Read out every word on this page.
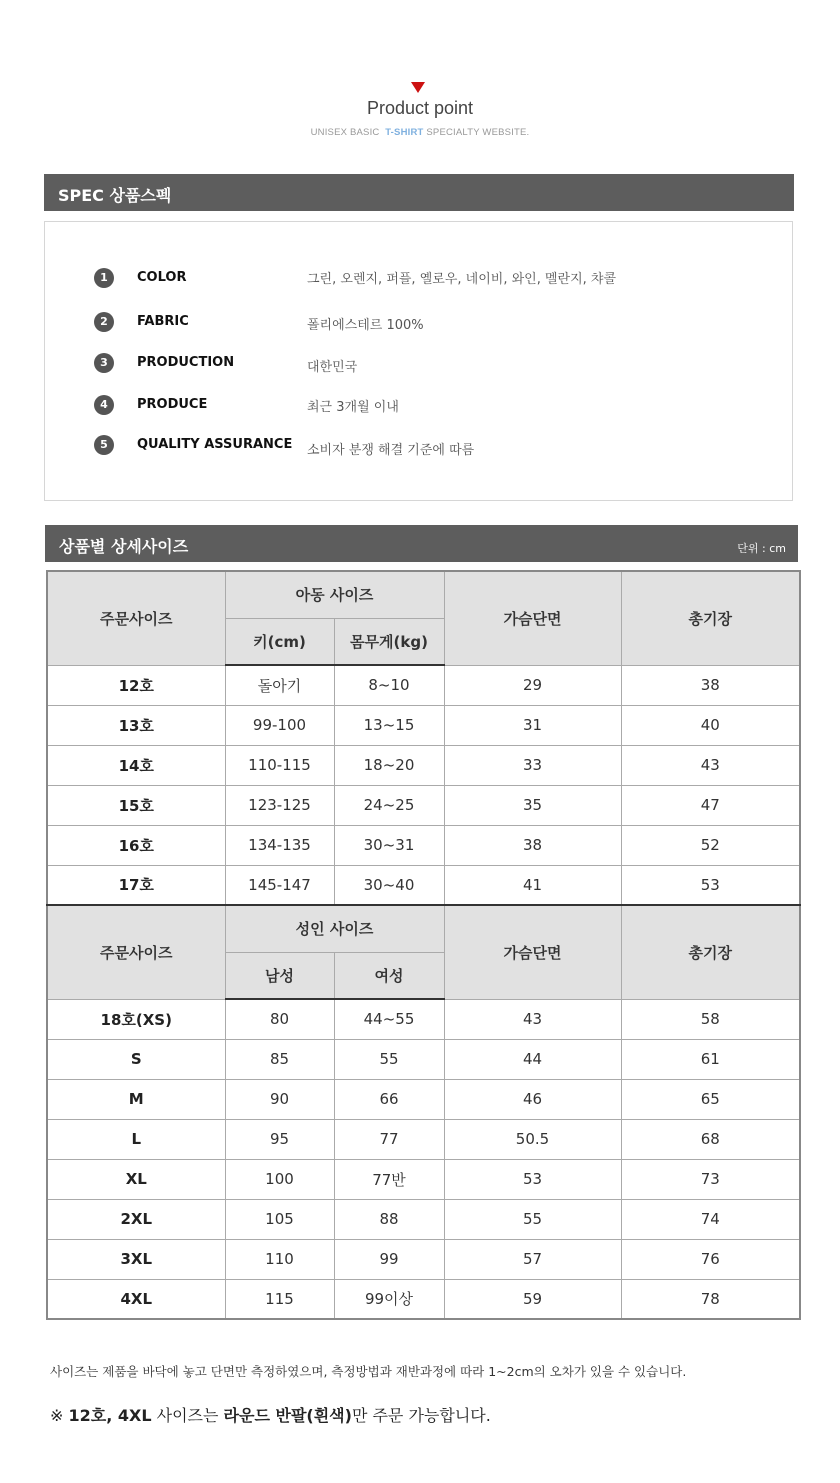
Product point
UNISEX BASIC T-SHIRT SPECIALTY WEBSITE.
SPEC 상품스펙
1	COLOR	그린, 오렌지, 퍼플, 옐로우, 네이비, 와인, 멜란지, 챠콜
2	FABRIC	폴리에스테르 100%
3	PRODUCTION	대한민국
4	PRODUCE	최근 3개월 이내
5	QUALITY ASSURANCE 소비자 분쟁 해결 기준에 따름
상품별 상세사이즈	단위 : cm
주문사이즈	아동 사이즈		가슴단면	총기장
	키(cm)	몸무게(kg)		
12호	돌아기	8~10	29	38
13호	99-100	13~15	31	40
14호	110-115	18~20	33	43
15호	123-125	24~25	35	47
16호	134-135	30~31	38	52
17호	145-147	30~40	41	53
주문사이즈	성인 사이즈		가슴단면	총기장
	남성	여성		
18호(XS)	80	44~55	43	58
S	85	55	44	61
M	90	66	46	65
L	95	77	50.5	68
XL	100	77반	53	73
2XL	105	88	55	74
3XL	110	99	57	76
4XL	115	99이상	59	78
사이즈는 제품을 바닥에 놓고 단면만 측정하였으며, 측정방법과 재반과정에 따라 1~2cm의 오차가 있을 수 있습니다.
※ 12호, 4XL 사이즈는 라운드 반팔(흰색)만 주문 가능합니다.
